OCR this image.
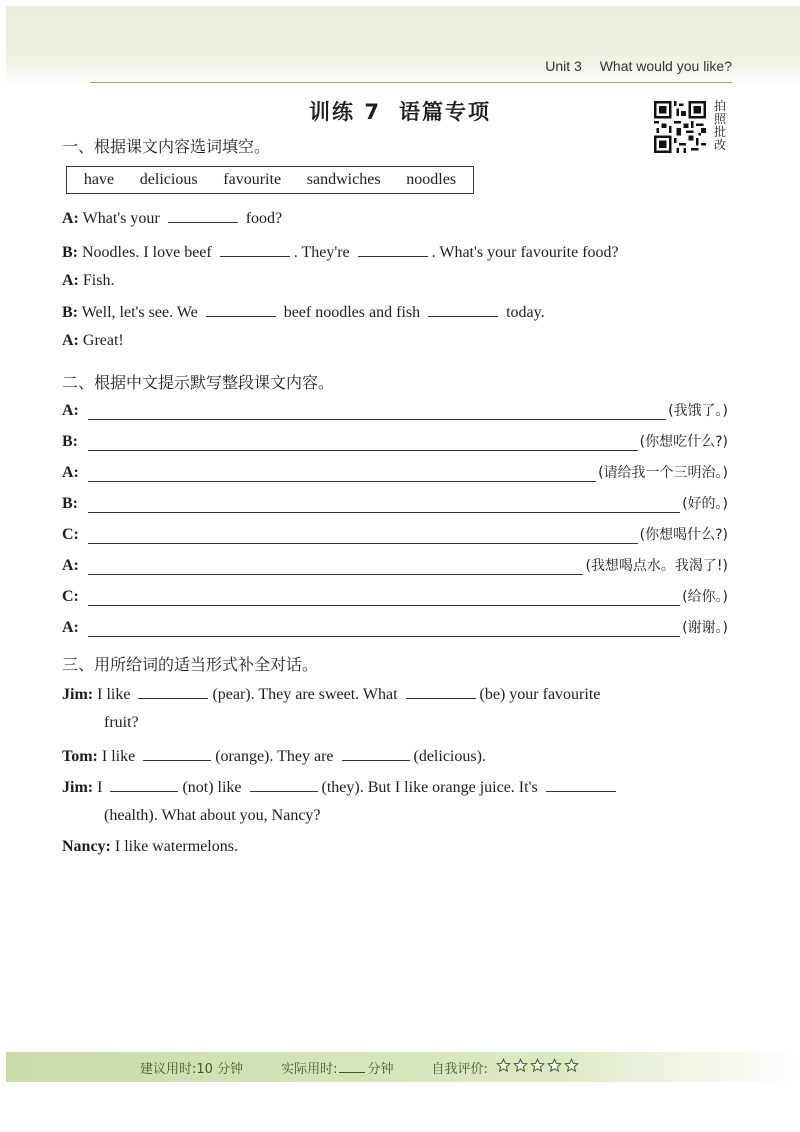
Unit 3 What would you like?
训练 7 语篇专项	拍
照
批
改
一、根据课文内容选词填空。
have delicious favourite sandwiches noodles
A: What's your	food?
B: Noodles. I love beef	. They're	. What's your favourite food?
A: Fish.
B: Well, let's see. We	beef noodles and fish	today.
A: Great!
二、根据中文提示默写整段课文内容。
A:	(我饿了。)
B:	(你想吃什么?)
A:	(请给我一个三明治。)
B:	(好的。)
C:	(你想喝什么?)
A:	(我想喝点水。我渴了!)
C:	(给你。)
A:	(谢谢。)
三、用所给词的适当形式补全对话。
Jim: I like	(pear). They are sweet. What	(be) your favourite
fruit?
Tom: I like	(orange). They are	(delicious).
Jim: I	(not) like	(they). But I like orange juice. It's
(health). What about you, Nancy?
Nancy: I like watermelons.
建议用时:10 分钟	实际用时: 分钟	自我评价:
